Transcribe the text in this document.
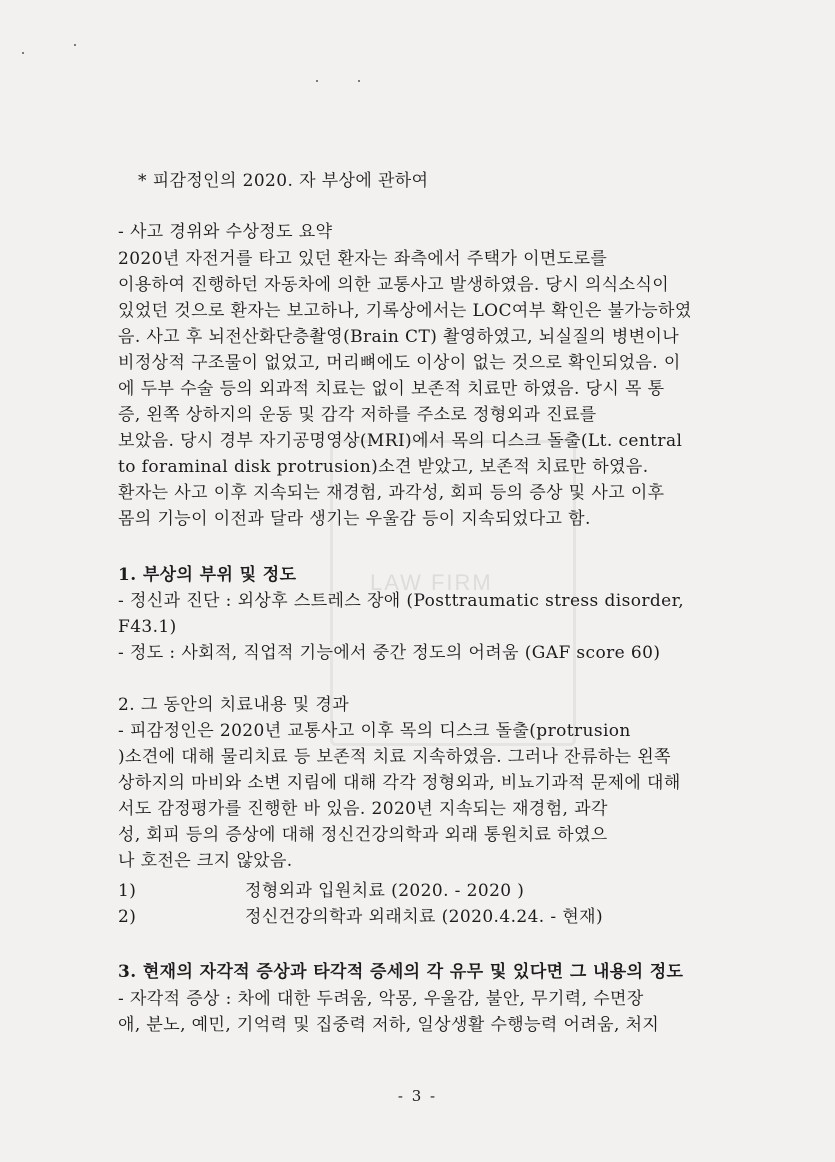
LAW FIRM
* 피감정인의 2020. 자 부상에 관하여
- 사고 경위와 수상정도 요약
2020년 자전거를 타고 있던 환자는 좌측에서 주택가 이면도로를
이용하여 진행하던 자동차에 의한 교통사고 발생하였음. 당시 의식소식이
있었던 것으로 환자는 보고하나, 기록상에서는 LOC여부 확인은 불가능하였
음. 사고 후 뇌전산화단층촬영(Brain CT) 촬영하였고, 뇌실질의 병변이나
비정상적 구조물이 없었고, 머리뼈에도 이상이 없는 것으로 확인되었음. 이
에 두부 수술 등의 외과적 치료는 없이 보존적 치료만 하였음. 당시 목 통
증, 왼쪽 상하지의 운동 및 감각 저하를 주소로 정형외과 진료를
보았음. 당시 경부 자기공명영상(MRI)에서 목의 디스크 돌출(Lt. central
to foraminal disk protrusion)소견 받았고, 보존적 치료만 하였음.
환자는 사고 이후 지속되는 재경험, 과각성, 회피 등의 증상 및 사고 이후
몸의 기능이 이전과 달라 생기는 우울감 등이 지속되었다고 함.
1. 부상의 부위 및 정도
- 정신과 진단 : 외상후 스트레스 장애 (Posttraumatic stress disorder,
F43.1)
- 정도 : 사회적, 직업적 기능에서 중간 정도의 어려움 (GAF score 60)
2. 그 동안의 치료내용 및 경과
- 피감정인은 2020년 교통사고 이후 목의 디스크 돌출(protrusion
)소견에 대해 물리치료 등 보존적 치료 지속하였음. 그러나 잔류하는 왼쪽
상하지의 마비와 소변 지림에 대해 각각 정형외과, 비뇨기과적 문제에 대해
서도 감정평가를 진행한 바 있음. 2020년 지속되는 재경험, 과각
성, 회피 등의 증상에 대해 정신건강의학과 외래 통원치료 하였으
나 호전은 크지 않았음.
1)	정형외과 입원치료 (2020. - 2020 )
2)	정신건강의학과 외래치료 (2020.4.24. - 현재)
3. 현재의 자각적 증상과 타각적 증세의 각 유무 및 있다면 그 내용의 정도
- 자각적 증상 : 차에 대한 두려움, 악몽, 우울감, 불안, 무기력, 수면장
애, 분노, 예민, 기억력 및 집중력 저하, 일상생활 수행능력 어려움, 처지
- 3 -
